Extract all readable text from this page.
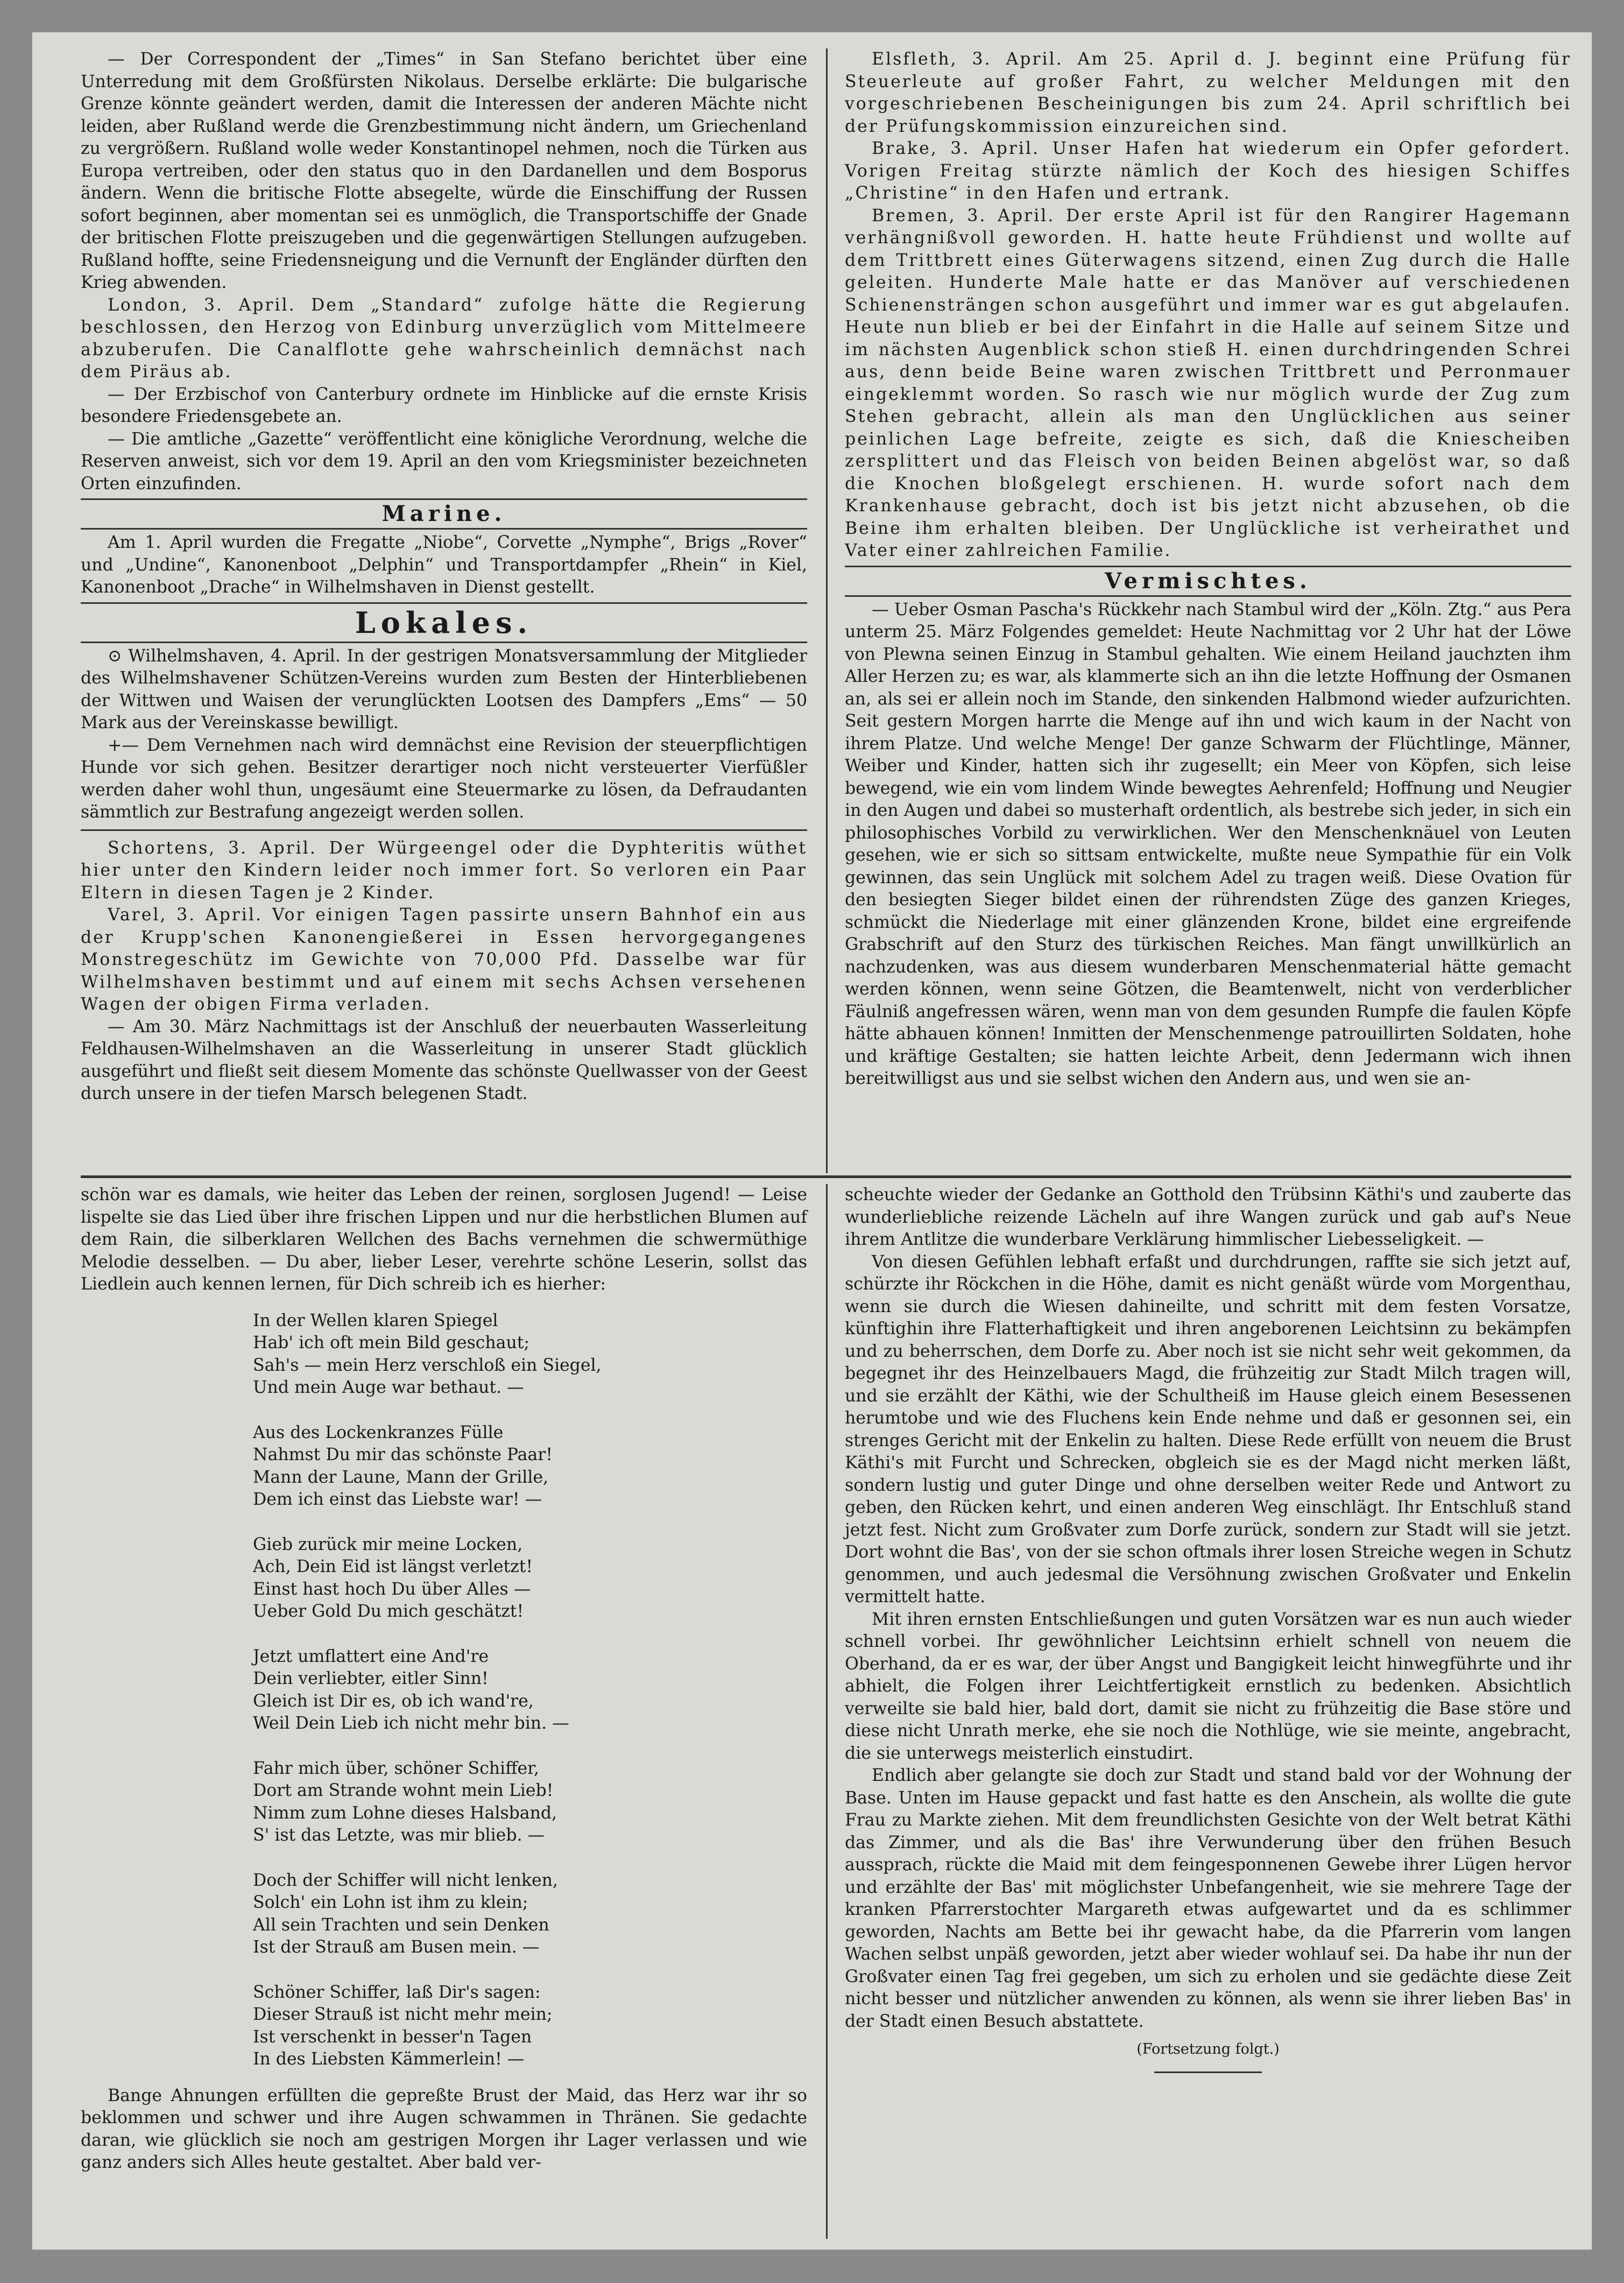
— Der Correspondent der „Times“ in San Stefano berichtet über eine Unterredung mit dem Großfürsten Nikolaus. Derselbe erklärte: Die bulgarische Grenze könnte geändert werden, damit die Interessen der anderen Mächte nicht leiden, aber Rußland werde die Grenzbestimmung nicht ändern, um Griechenland zu vergrößern. Rußland wolle weder Konstantinopel nehmen, noch die Türken aus Europa vertreiben, oder den status quo in den Dardanellen und dem Bosporus ändern. Wenn die britische Flotte absegelte, würde die Einschiffung der Russen sofort beginnen, aber momentan sei es unmöglich, die Transportschiffe der Gnade der britischen Flotte preiszugeben und die gegenwärtigen Stellungen aufzugeben. Rußland hoffte, seine Friedensneigung und die Vernunft der Engländer dürften den Krieg abwenden.

London, 3. April. Dem „Standard“ zufolge hätte die Regierung beschlossen, den Herzog von Edinburg unverzüglich vom Mittelmeere abzuberufen. Die Canalflotte gehe wahrscheinlich demnächst nach dem Piräus ab.

— Der Erzbischof von Canterbury ordnete im Hinblicke auf die ernste Krisis besondere Friedensgebete an.

— Die amtliche „Gazette“ veröffentlicht eine königliche Verordnung, welche die Reserven anweist, sich vor dem 19. April an den vom Kriegsminister bezeichneten Orten einzufinden.

Marine.

Am 1. April wurden die Fregatte „Niobe“, Corvette „Nymphe“, Brigs „Rover“ und „Undine“, Kanonenboot „Delphin“ und Transportdampfer „Rhein“ in Kiel, Kanonenboot „Drache“ in Wilhelmshaven in Dienst gestellt.

Lokales.

⊙ Wilhelmshaven, 4. April. In der gestrigen Monatsversammlung der Mitglieder des Wilhelmshavener Schützen-Vereins wurden zum Besten der Hinterbliebenen der Wittwen und Waisen der verunglückten Lootsen des Dampfers „Ems“ — 50 Mark aus der Vereinskasse bewilligt.

+— Dem Vernehmen nach wird demnächst eine Revision der steuerpflichtigen Hunde vor sich gehen. Besitzer derartiger noch nicht versteuerter Vierfüßler werden daher wohl thun, ungesäumt eine Steuermarke zu lösen, da Defraudanten sämmtlich zur Bestrafung angezeigt werden sollen.

Schortens, 3. April. Der Würgeengel oder die Dyphteritis wüthet hier unter den Kindern leider noch immer fort. So verloren ein Paar Eltern in diesen Tagen je 2 Kinder.

Varel, 3. April. Vor einigen Tagen passirte unsern Bahnhof ein aus der Krupp'schen Kanonengießerei in Essen hervorgegangenes Monstregeschütz im Gewichte von 70,000 Pfd. Dasselbe war für Wilhelmshaven bestimmt und auf einem mit sechs Achsen versehenen Wagen der obigen Firma verladen.

— Am 30. März Nachmittags ist der Anschluß der neuerbauten Wasserleitung Feldhausen-Wilhelmshaven an die Wasserleitung in unserer Stadt glücklich ausgeführt und fließt seit diesem Momente das schönste Quellwasser von der Geest durch unsere in der tiefen Marsch belegenen Stadt.

Elsfleth, 3. April. Am 25. April d. J. beginnt eine Prüfung für Steuerleute auf großer Fahrt, zu welcher Meldungen mit den vorgeschriebenen Bescheinigungen bis zum 24. April schriftlich bei der Prüfungskommission einzureichen sind.

Brake, 3. April. Unser Hafen hat wiederum ein Opfer gefordert. Vorigen Freitag stürzte nämlich der Koch des hiesigen Schiffes „Christine“ in den Hafen und ertrank.

Bremen, 3. April. Der erste April ist für den Rangirer Hagemann verhängnißvoll geworden. H. hatte heute Frühdienst und wollte auf dem Trittbrett eines Güterwagens sitzend, einen Zug durch die Halle geleiten. Hunderte Male hatte er das Manöver auf verschiedenen Schienensträngen schon ausgeführt und immer war es gut abgelaufen. Heute nun blieb er bei der Einfahrt in die Halle auf seinem Sitze und im nächsten Augenblick schon stieß H. einen durchdringenden Schrei aus, denn beide Beine waren zwischen Trittbrett und Perronmauer eingeklemmt worden. So rasch wie nur möglich wurde der Zug zum Stehen gebracht, allein als man den Unglücklichen aus seiner peinlichen Lage befreite, zeigte es sich, daß die Kniescheiben zersplittert und das Fleisch von beiden Beinen abgelöst war, so daß die Knochen bloßgelegt erschienen. H. wurde sofort nach dem Krankenhause gebracht, doch ist bis jetzt nicht abzusehen, ob die Beine ihm erhalten bleiben. Der Unglückliche ist verheirathet und Vater einer zahlreichen Familie.

Vermischtes.

— Ueber Osman Pascha's Rückkehr nach Stambul wird der „Köln. Ztg.“ aus Pera unterm 25. März Folgendes gemeldet: Heute Nachmittag vor 2 Uhr hat der Löwe von Plewna seinen Einzug in Stambul gehalten. Wie einem Heiland jauchzten ihm Aller Herzen zu; es war, als klammerte sich an ihn die letzte Hoffnung der Osmanen an, als sei er allein noch im Stande, den sinkenden Halbmond wieder aufzurichten. Seit gestern Morgen harrte die Menge auf ihn und wich kaum in der Nacht von ihrem Platze. Und welche Menge! Der ganze Schwarm der Flüchtlinge, Männer, Weiber und Kinder, hatten sich ihr zugesellt; ein Meer von Köpfen, sich leise bewegend, wie ein vom lindem Winde bewegtes Aehrenfeld; Hoffnung und Neugier in den Augen und dabei so musterhaft ordentlich, als bestrebe sich jeder, in sich ein philosophisches Vorbild zu verwirklichen. Wer den Menschenknäuel von Leuten gesehen, wie er sich so sittsam entwickelte, mußte neue Sympathie für ein Volk gewinnen, das sein Unglück mit solchem Adel zu tragen weiß. Diese Ovation für den besiegten Sieger bildet einen der rührendsten Züge des ganzen Krieges, schmückt die Niederlage mit einer glänzenden Krone, bildet eine ergreifende Grabschrift auf den Sturz des türkischen Reiches. Man fängt unwillkürlich an nachzudenken, was aus diesem wunderbaren Menschenmaterial hätte gemacht werden können, wenn seine Götzen, die Beamtenwelt, nicht von verderblicher Fäulniß angefressen wären, wenn man von dem gesunden Rumpfe die faulen Köpfe hätte abhauen können! Inmitten der Menschenmenge patrouillirten Soldaten, hohe und kräftige Gestalten; sie hatten leichte Arbeit, denn Jedermann wich ihnen bereitwilligst aus und sie selbst wichen den Andern aus, und wen sie an-

schön war es damals, wie heiter das Leben der reinen, sorglosen Jugend! — Leise lispelte sie das Lied über ihre frischen Lippen und nur die herbstlichen Blumen auf dem Rain, die silberklaren Wellchen des Bachs vernehmen die schwermüthige Melodie desselben. — Du aber, lieber Leser, verehrte schöne Leserin, sollst das Liedlein auch kennen lernen, für Dich schreib ich es hierher:

In der Wellen klaren Spiegel
Hab' ich oft mein Bild geschaut;
Sah's — mein Herz verschloß ein Siegel,
Und mein Auge war bethaut. —
Aus des Lockenkranzes Fülle
Nahmst Du mir das schönste Paar!
Mann der Laune, Mann der Grille,
Dem ich einst das Liebste war! —
Gieb zurück mir meine Locken,
Ach, Dein Eid ist längst verletzt!
Einst hast hoch Du über Alles —
Ueber Gold Du mich geschätzt!
Jetzt umflattert eine And're
Dein verliebter, eitler Sinn!
Gleich ist Dir es, ob ich wand're,
Weil Dein Lieb ich nicht mehr bin. —
Fahr mich über, schöner Schiffer,
Dort am Strande wohnt mein Lieb!
Nimm zum Lohne dieses Halsband,
S' ist das Letzte, was mir blieb. —
Doch der Schiffer will nicht lenken,
Solch' ein Lohn ist ihm zu klein;
All sein Trachten und sein Denken
Ist der Strauß am Busen mein. —
Schöner Schiffer, laß Dir's sagen:
Dieser Strauß ist nicht mehr mein;
Ist verschenkt in besser'n Tagen
In des Liebsten Kämmerlein! —

Bange Ahnungen erfüllten die gepreßte Brust der Maid, das Herz war ihr so beklommen und schwer und ihre Augen schwammen in Thränen. Sie gedachte daran, wie glücklich sie noch am gestrigen Morgen ihr Lager verlassen und wie ganz anders sich Alles heute gestaltet. Aber bald ver-

scheuchte wieder der Gedanke an Gotthold den Trübsinn Käthi's und zauberte das wunderliebliche reizende Lächeln auf ihre Wangen zurück und gab auf's Neue ihrem Antlitze die wunderbare Verklärung himmlischer Liebesseligkeit. —

Von diesen Gefühlen lebhaft erfaßt und durchdrungen, raffte sie sich jetzt auf, schürzte ihr Röckchen in die Höhe, damit es nicht genäßt würde vom Morgenthau, wenn sie durch die Wiesen dahineilte, und schritt mit dem festen Vorsatze, künftighin ihre Flatterhaftigkeit und ihren angeborenen Leichtsinn zu bekämpfen und zu beherrschen, dem Dorfe zu. Aber noch ist sie nicht sehr weit gekommen, da begegnet ihr des Heinzelbauers Magd, die frühzeitig zur Stadt Milch tragen will, und sie erzählt der Käthi, wie der Schultheiß im Hause gleich einem Besessenen herumtobe und wie des Fluchens kein Ende nehme und daß er gesonnen sei, ein strenges Gericht mit der Enkelin zu halten. Diese Rede erfüllt von neuem die Brust Käthi's mit Furcht und Schrecken, obgleich sie es der Magd nicht merken läßt, sondern lustig und guter Dinge und ohne derselben weiter Rede und Antwort zu geben, den Rücken kehrt, und einen anderen Weg einschlägt. Ihr Entschluß stand jetzt fest. Nicht zum Großvater zum Dorfe zurück, sondern zur Stadt will sie jetzt. Dort wohnt die Bas', von der sie schon oftmals ihrer losen Streiche wegen in Schutz genommen, und auch jedesmal die Versöhnung zwischen Großvater und Enkelin vermittelt hatte.

Mit ihren ernsten Entschließungen und guten Vorsätzen war es nun auch wieder schnell vorbei. Ihr gewöhnlicher Leichtsinn erhielt schnell von neuem die Oberhand, da er es war, der über Angst und Bangigkeit leicht hinwegführte und ihr abhielt, die Folgen ihrer Leichtfertigkeit ernstlich zu bedenken. Absichtlich verweilte sie bald hier, bald dort, damit sie nicht zu frühzeitig die Base störe und diese nicht Unrath merke, ehe sie noch die Nothlüge, wie sie meinte, angebracht, die sie unterwegs meisterlich einstudirt.

Endlich aber gelangte sie doch zur Stadt und stand bald vor der Wohnung der Base. Unten im Hause gepackt und fast hatte es den Anschein, als wollte die gute Frau zu Markte ziehen. Mit dem freundlichsten Gesichte von der Welt betrat Käthi das Zimmer, und als die Bas' ihre Verwunderung über den frühen Besuch aussprach, rückte die Maid mit dem feingesponnenen Gewebe ihrer Lügen hervor und erzählte der Bas' mit möglichster Unbefangenheit, wie sie mehrere Tage der kranken Pfarrerstochter Margareth etwas aufgewartet und da es schlimmer geworden, Nachts am Bette bei ihr gewacht habe, da die Pfarrerin vom langen Wachen selbst unpäß geworden, jetzt aber wieder wohlauf sei. Da habe ihr nun der Großvater einen Tag frei gegeben, um sich zu erholen und sie gedächte diese Zeit nicht besser und nützlicher anwenden zu können, als wenn sie ihrer lieben Bas' in der Stadt einen Besuch abstattete.

(Fortsetzung folgt.)
